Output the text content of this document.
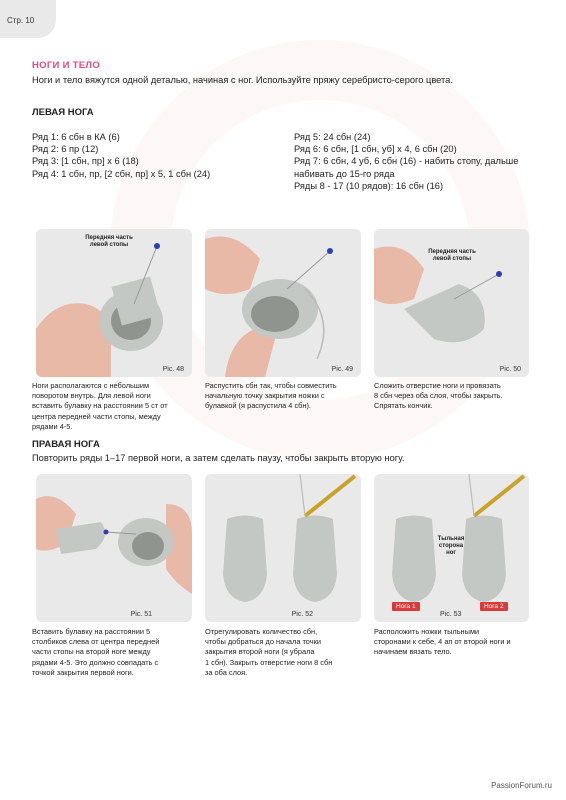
Стр. 10
НОГИ И ТЕЛО
Ноги и тело вяжутся одной деталью, начиная с ног. Используйте пряжу серебристо-серого цвета.
ЛЕВАЯ НОГА
Ряд 1: 6 сбн в КА (6)
Ряд 2: 6 пр (12)
Ряд 3: [1 сбн, пр] х 6 (18)
Ряд 4: 1 сбн, пр, [2 сбн, пр] х 5, 1 сбн (24)
Ряд 5: 24 сбн (24)
Ряд 6: 6 сбн, [1 сбн, уб] х 4, 6 сбн (20)
Ряд 7: 6 сбн, 4 уб, 6 сбн (16) - набить стопу, дальше
набивать до 15-го ряда
Ряды 8 - 17 (10 рядов): 16 сбн (16)
Передняя часть
левой стопы
Pic. 48	Pic. 49
Передняя часть
левой стопы
Pic. 50
Ноги располагаются с небольшим
поворотом внутрь. Для левой ноги
вставить булавку на расстоянии 5 ст от
центра передней части стопы, между
рядами 4-5.
Распустить сбн так, чтобы совместить
начальную точку закрытия ножки с
булавкой (я распустила 4 сбн).
Сложить отверстие ноги и провязать
8 сбн через оба слоя, чтобы закрыть.
Спрятать кончик.
ПРАВАЯ НОГА
Повторить ряды 1–17 первой ноги, а затем сделать паузу, чтобы закрыть вторую ногу.
Pic. 51	Pic. 52
Тыльная
сторона
ног
Нога 1	Нога 2
Pic. 53
Вставить булавку на расстоянии 5
столбиков слева от центра передней
части стопы на второй ноге между
рядами 4-5. Это должно совпадать с
точкой закрытия первой ноги.
Отрегулировать количество сбн,
чтобы добраться до начала точки
закрытия второй ноги (я убрала
1 сбн). Закрыть отверстие ноги 8 сбн
за оба слоя.
Расположить ножки тыльными
сторонами к себе, 4 ап от второй ноги и
начинаем вязать тело.
PassionForum.ru
